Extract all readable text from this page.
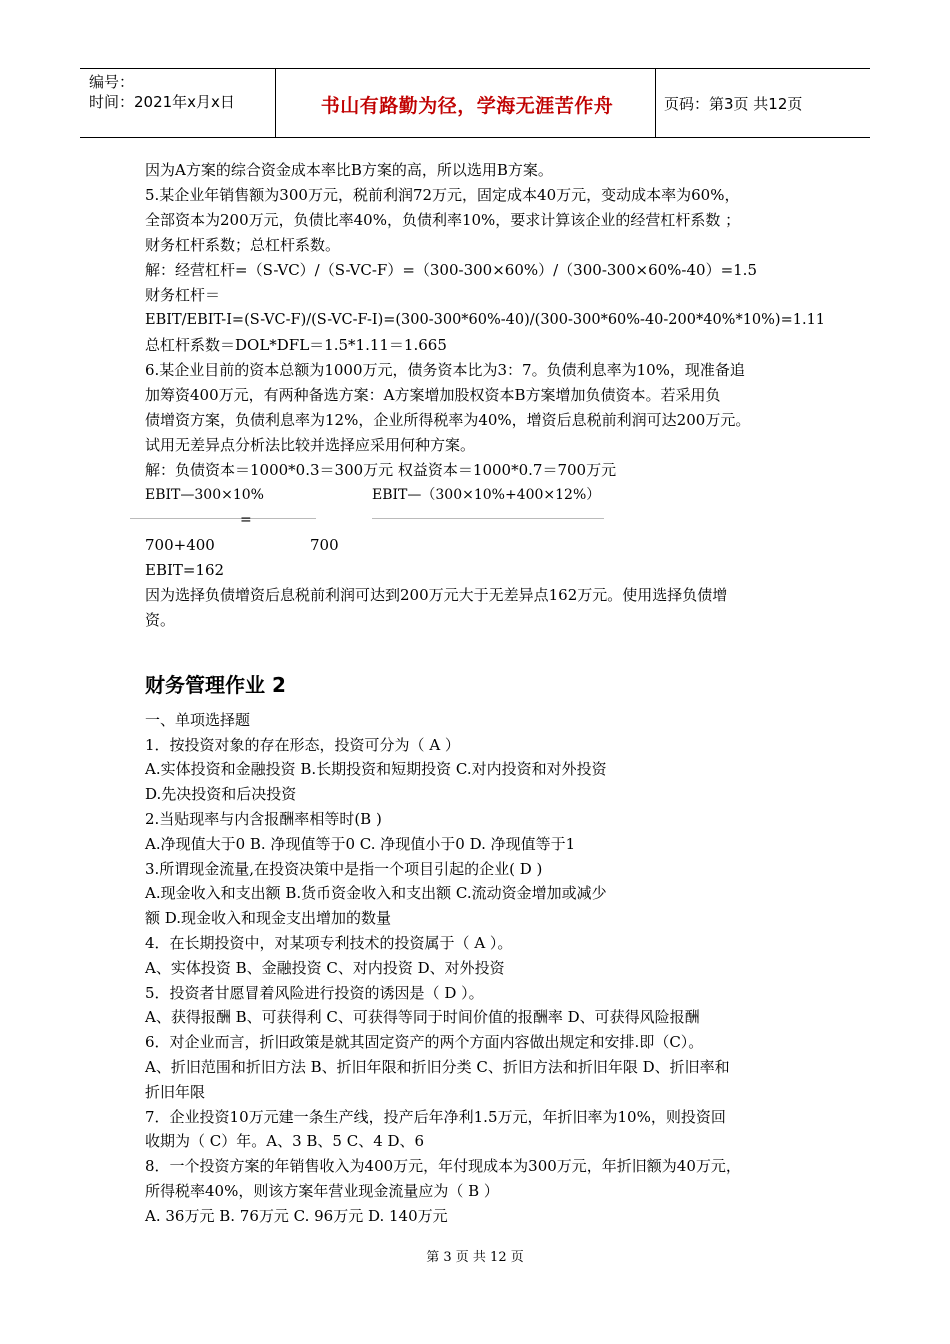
编号：
时间：2021年x月x日	书山有路勤为径，学海无涯苦作舟	页码：第3页 共12页
因为A方案的综合资金成本率比B方案的高，所以选用B方案。
5.某企业年销售额为300万元，税前利润72万元，固定成本40万元，变动成本率为60%，
全部资本为200万元，负债比率40%，负债利率10%，要求计算该企业的经营杠杆系数 ；
财务杠杆系数；总杠杆系数。
解：经营杠杆=（S-VC）/（S-VC-F）=（300-300×60%）/（300-300×60%-40）=1.5
财务杠杆＝
EBIT/EBIT-I=(S-VC-F)/(S-VC-F-I)=(300-300*60%-40)/(300-300*60%-40-200*40%*10%)=1.11
总杠杆系数＝DOL*DFL＝1.5*1.11＝1.665
6.某企业目前的资本总额为1000万元，债务资本比为3：7。负债利息率为10%，现准备追
加筹资400万元，有两种备选方案：A方案增加股权资本B方案增加负债资本。若采用负
债增资方案，负债利息率为12%，企业所得税率为40%，增资后息税前利润可达200万元。
试用无差异点分析法比较并选择应采用何种方案。
解：负债资本＝1000*0.3＝300万元 权益资本＝1000*0.7＝700万元
EBIT—300×10%	EBIT—（300×10%+400×12%）
=
700+400	700
EBIT=162
因为选择负债增资后息税前利润可达到200万元大于无差异点162万元。使用选择负债增
资。
财务管理作业 2
一、单项选择题
1．按投资对象的存在形态，投资可分为（ A ）
A.实体投资和金融投资 B.长期投资和短期投资 C.对内投资和对外投资
D.先决投资和后决投资
2.当贴现率与内含报酬率相等时(B )
A.净现值大于0 B. 净现值等于0 C. 净现值小于0 D. 净现值等于1
3.所谓现金流量,在投资决策中是指一个项目引起的企业( D )
A.现金收入和支出额 B.货币资金收入和支出额 C.流动资金增加或减少
额 D.现金收入和现金支出增加的数量
4．在长期投资中，对某项专利技术的投资属于（ A ）。
A、实体投资 B、金融投资 C、对内投资 D、对外投资
5．投资者甘愿冒着风险进行投资的诱因是（ D ）。
A、获得报酬 B、可获得利 C、可获得等同于时间价值的报酬率 D、可获得风险报酬
6．对企业而言，折旧政策是就其固定资产的两个方面内容做出规定和安排.即（C）。
A、折旧范围和折旧方法 B、折旧年限和折旧分类 C、折旧方法和折旧年限 D、折旧率和
折旧年限
7．企业投资10万元建一条生产线，投产后年净利1.5万元，年折旧率为10%，则投资回
收期为（ C）年。A、3 B、5 C、4 D、6
8．一个投资方案的年销售收入为400万元，年付现成本为300万元，年折旧额为40万元，
所得税率40%，则该方案年营业现金流量应为（ B ）
A. 36万元 B. 76万元 C. 96万元 D. 140万元
第 3 页 共 12 页
